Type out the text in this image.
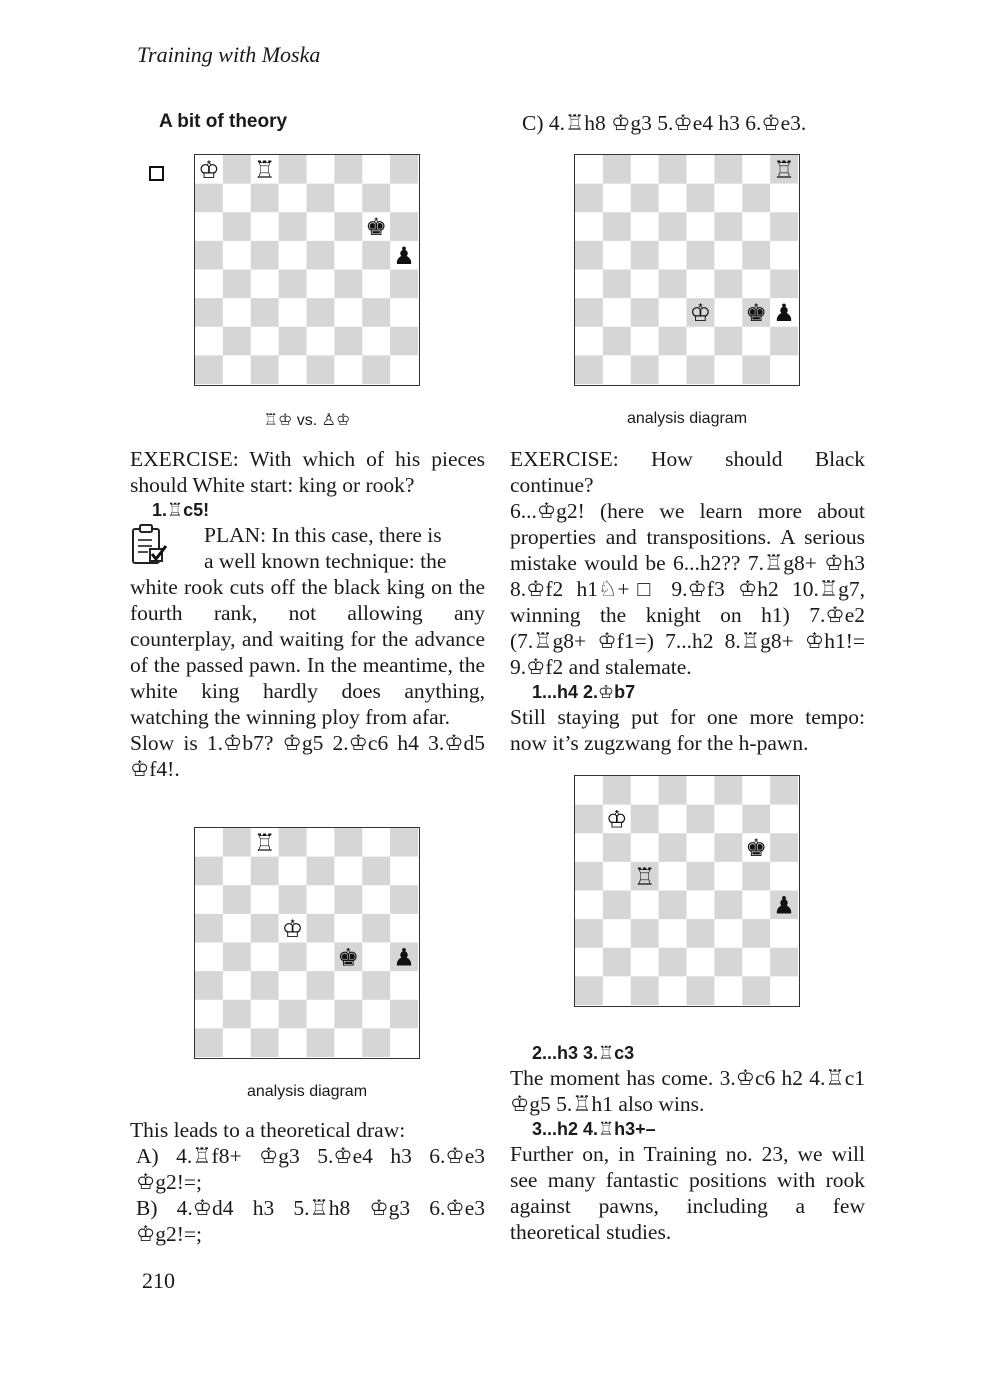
Training with Moska
A bit of theory
♔ ♖
♚
♟
♖♔ vs. ♙♔

EXERCISE: With which of his pieces should White start: king or rook?

1.♖c5!

PLAN: In this case, there is

a well known technique: the

white rook cuts off the black king on the fourth rank, not allowing any counterplay, and waiting for the advance of the passed pawn. In the meantime, the white king hardly does anything, watching the winning ploy from afar.

Slow is 1.♔b7? ♔g5 2.♔c6 h4 3.♔d5 ♔f4!.

♖
♔
♚ ♟
analysis diagram

This leads to a theoretical draw:

A) 4.♖f8+ ♔g3 5.♔e4 h3 6.♔e3 ♔g2!=;

B) 4.♔d4 h3 5.♖h8 ♔g3 6.♔e3 ♔g2!=;

C) 4.♖h8 ♔g3 5.♔e4 h3 6.♔e3.
♖
♔ ♚ ♟
analysis diagram

EXERCISE: How should Black continue?

6...♔g2! (here we learn more about properties and transpositions. A serious mistake would be 6...h2?? 7.♖g8+ ♔h3 8.♔f2 h1♘+□ 9.♔f3 ♔h2 10.♖g7, winning the knight on h1) 7.♔e2 (7.♖g8+ ♔f1=) 7...h2 8.♖g8+ ♔h1!= 9.♔f2 and stalemate.

1...h4 2.♔b7

Still staying put for one more tempo: now it’s zugzwang for the h-pawn.

♔
♖
♚
♟

2...h3 3.♖c3

The moment has come. 3.♔c6 h2 4.♖c1 ♔g5 5.♖h1 also wins.

3...h2 4.♖h3+–

Further on, in Training no. 23, we will see many fantastic positions with rook against pawns, including a few theoretical studies.

210
